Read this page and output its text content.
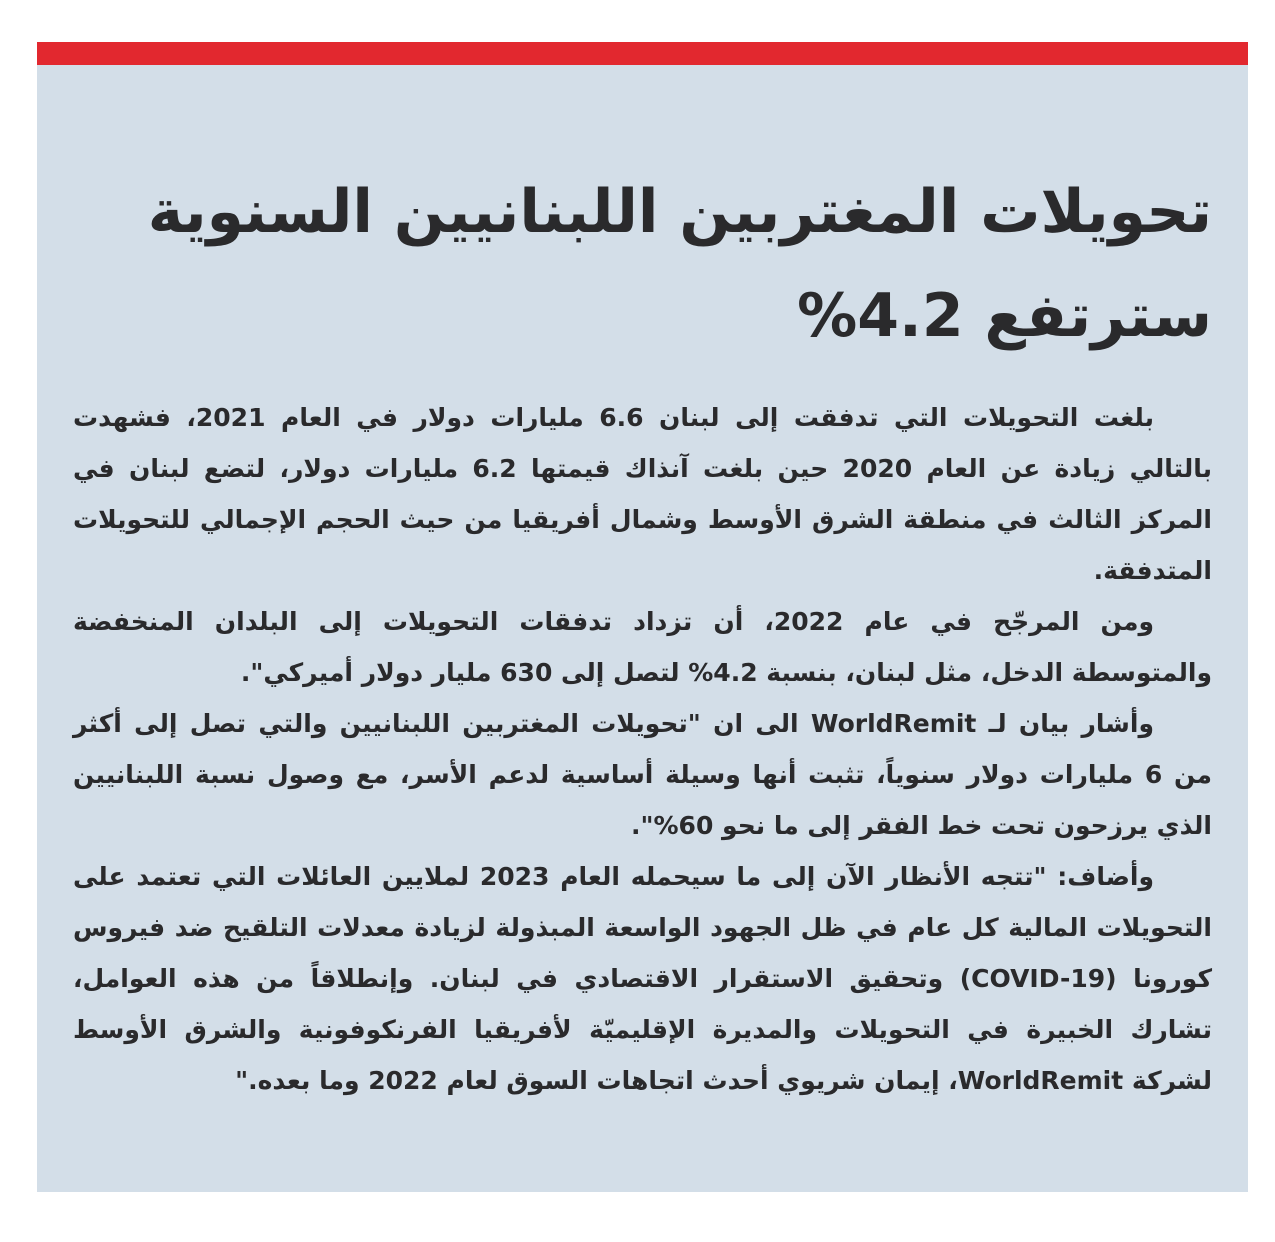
تحويلات المغتربين اللبنانيين السنوية سترتفع 4.2%

بلغت التحويلات التي تدفقت إلى لبنان 6.6 مليارات دولار في العام 2021، فشهدت بالتالي زيادة عن العام 2020 حين بلغت آنذاك قيمتها 6.2 مليارات دولار، لتضع لبنان في المركز الثالث في منطقة الشرق الأوسط وشمال أفريقيا من حيث الحجم الإجمالي للتحويلات المتدفقة.

ومن المرجّح في عام 2022، أن تزداد تدفقات التحويلات إلى البلدان المنخفضة والمتوسطة الدخل، مثل لبنان، بنسبة 4.2% لتصل إلى 630 مليار دولار أميركي".

وأشار بيان لـ WorldRemit الى ان "تحويلات المغتربين اللبنانيين والتي تصل إلى أكثر من 6 مليارات دولار سنوياً، تثبت أنها وسيلة أساسية لدعم الأسر، مع وصول نسبة اللبنانيين الذي يرزحون تحت خط الفقر إلى ما نحو 60%".

وأضاف: "تتجه الأنظار الآن إلى ما سيحمله العام 2023 لملايين العائلات التي تعتمد على التحويلات المالية كل عام في ظل الجهود الواسعة المبذولة لزيادة معدلات التلقيح ضد فيروس كورونا (COVID-19) وتحقيق الاستقرار الاقتصادي في لبنان. وإنطلاقاً من هذه العوامل، تشارك الخبيرة في التحويلات والمديرة الإقليميّة لأفريقيا الفرنكوفونية والشرق الأوسط لشركة WorldRemit، إيمان شريوي أحدث اتجاهات السوق لعام 2022 وما بعده."
